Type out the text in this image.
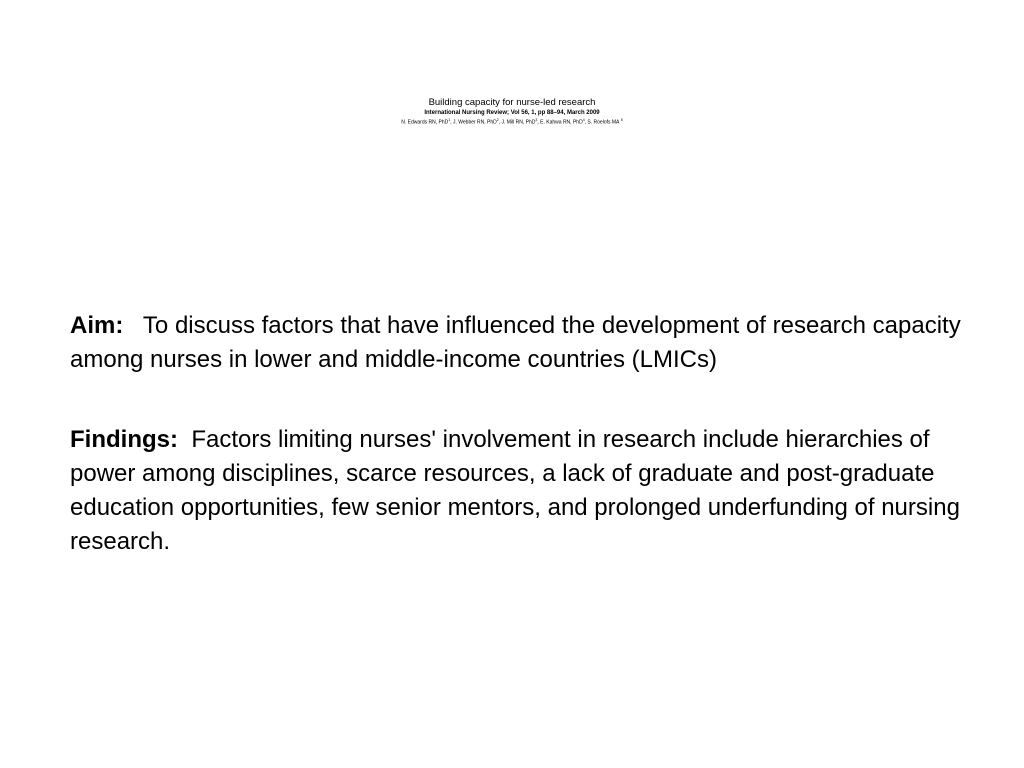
Building capacity for nurse-led research
International Nursing Review; Vol 56, 1, pp 88–94, March 2009
N. Edwards RN, PhD$^1$, J. Webber RN, PhD$^2$, J. Mill RN, PhD$^3$, E. Kahwa RN, PhD$^4$, S. Roelofs MA $^5$

Aim: To discuss factors that have influenced the development of research capacity among nurses in lower and middle-income countries (LMICs)

Findings: Factors limiting nurses' involvement in research include hierarchies of power among disciplines, scarce resources, a lack of graduate and post-graduate education opportunities, few senior mentors, and prolonged underfunding of nursing research.
